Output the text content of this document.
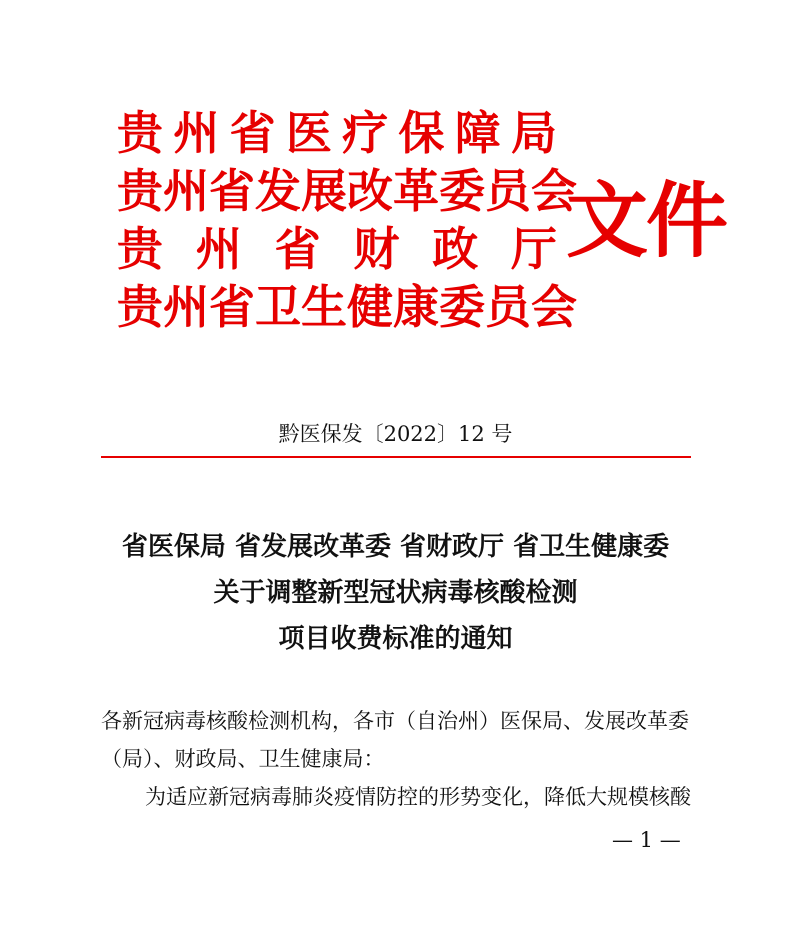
贵 州 省 医 疗 保 障 局
贵 州 省 发 展 改 革 委 员 会
贵 州 省 财 政 厅
贵 州 省 卫 生 健 康 委 员 会
文件
黔医保发〔2022〕12 号
省医保局 省发展改革委 省财政厅 省卫生健康委
关于调整新型冠状病毒核酸检测
项目收费标准的通知
各新冠病毒核酸检测机构，各市（自治州）医保局、发展改革委
（局）、财政局、卫生健康局：
为适应新冠病毒肺炎疫情防控的形势变化，降低大规模核酸
— 1 —
